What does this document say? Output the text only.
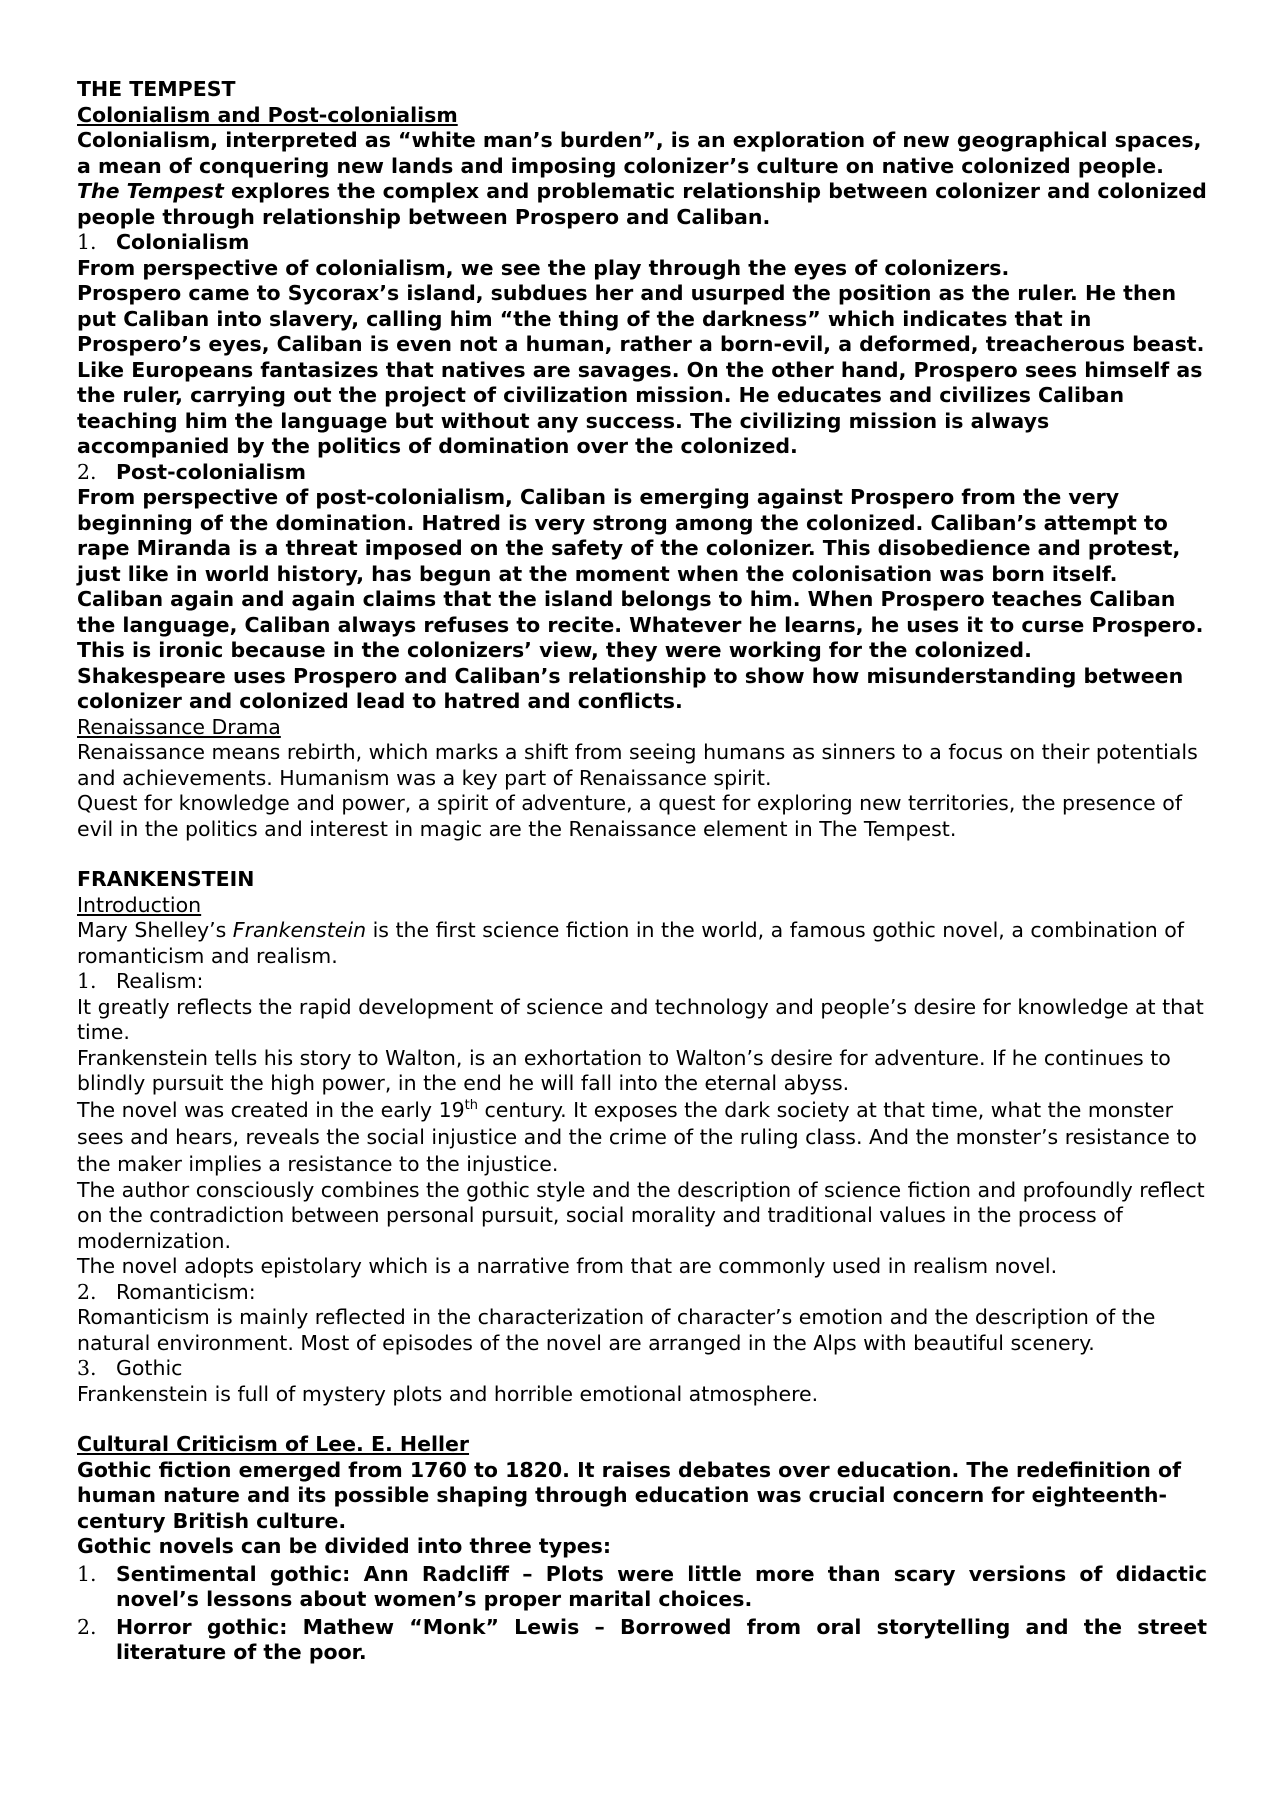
THE TEMPEST

Colonialism and Post-colonialism

Colonialism, interpreted as “white man’s burden”, is an exploration of new geographical spaces, a mean of conquering new lands and imposing colonizer’s culture on native colonized people. The Tempest explores the complex and problematic relationship between colonizer and colonized people through relationship between Prospero and Caliban.

1. Colonialism

From perspective of colonialism, we see the play through the eyes of colonizers.

Prospero came to Sycorax’s island, subdues her and usurped the position as the ruler. He then put Caliban into slavery, calling him “the thing of the darkness” which indicates that in Prospero’s eyes, Caliban is even not a human, rather a born-evil, a deformed, treacherous beast. Like Europeans fantasizes that natives are savages. On the other hand, Prospero sees himself as the ruler, carrying out the project of civilization mission. He educates and civilizes Caliban teaching him the language but without any success. The civilizing mission is always accompanied by the politics of domination over the colonized.

2. Post-colonialism

From perspective of post-colonialism, Caliban is emerging against Prospero from the very beginning of the domination. Hatred is very strong among the colonized. Caliban’s attempt to rape Miranda is a threat imposed on the safety of the colonizer. This disobedience and protest, just like in world history, has begun at the moment when the colonisation was born itself. Caliban again and again claims that the island belongs to him. When Prospero teaches Caliban the language, Caliban always refuses to recite. Whatever he learns, he uses it to curse Prospero. This is ironic because in the colonizers’ view, they were working for the colonized.

Shakespeare uses Prospero and Caliban’s relationship to show how misunderstanding between colonizer and colonized lead to hatred and conflicts.

Renaissance Drama

Renaissance means rebirth, which marks a shift from seeing humans as sinners to a focus on their potentials and achievements. Humanism was a key part of Renaissance spirit.

Quest for knowledge and power, a spirit of adventure, a quest for exploring new territories, the presence of evil in the politics and interest in magic are the Renaissance element in The Tempest.

FRANKENSTEIN

Introduction

Mary Shelley’s Frankenstein is the first science fiction in the world, a famous gothic novel, a combination of romanticism and realism.

1. Realism:

It greatly reflects the rapid development of science and technology and people’s desire for knowledge at that time.

Frankenstein tells his story to Walton, is an exhortation to Walton’s desire for adventure. If he continues to blindly pursuit the high power, in the end he will fall into the eternal abyss.

The novel was created in the early 19th century. It exposes the dark society at that time, what the monster sees and hears, reveals the social injustice and the crime of the ruling class. And the monster’s resistance to the maker implies a resistance to the injustice.

The author consciously combines the gothic style and the description of science fiction and profoundly reflect on the contradiction between personal pursuit, social morality and traditional values in the process of modernization.

The novel adopts epistolary which is a narrative from that are commonly used in realism novel.

2. Romanticism:

Romanticism is mainly reflected in the characterization of character’s emotion and the description of the natural environment. Most of episodes of the novel are arranged in the Alps with beautiful scenery.

3. Gothic

Frankenstein is full of mystery plots and horrible emotional atmosphere.

Cultural Criticism of Lee. E. Heller

Gothic fiction emerged from 1760 to 1820. It raises debates over education. The redefinition of human nature and its possible shaping through education was crucial concern for eighteenth-century British culture.

Gothic novels can be divided into three types:

1. Sentimental gothic: Ann Radcliff – Plots were little more than scary versions of didactic novel’s lessons about women’s proper marital choices.
2. Horror gothic: Mathew “Monk” Lewis – Borrowed from oral storytelling and the street literature of the poor.
